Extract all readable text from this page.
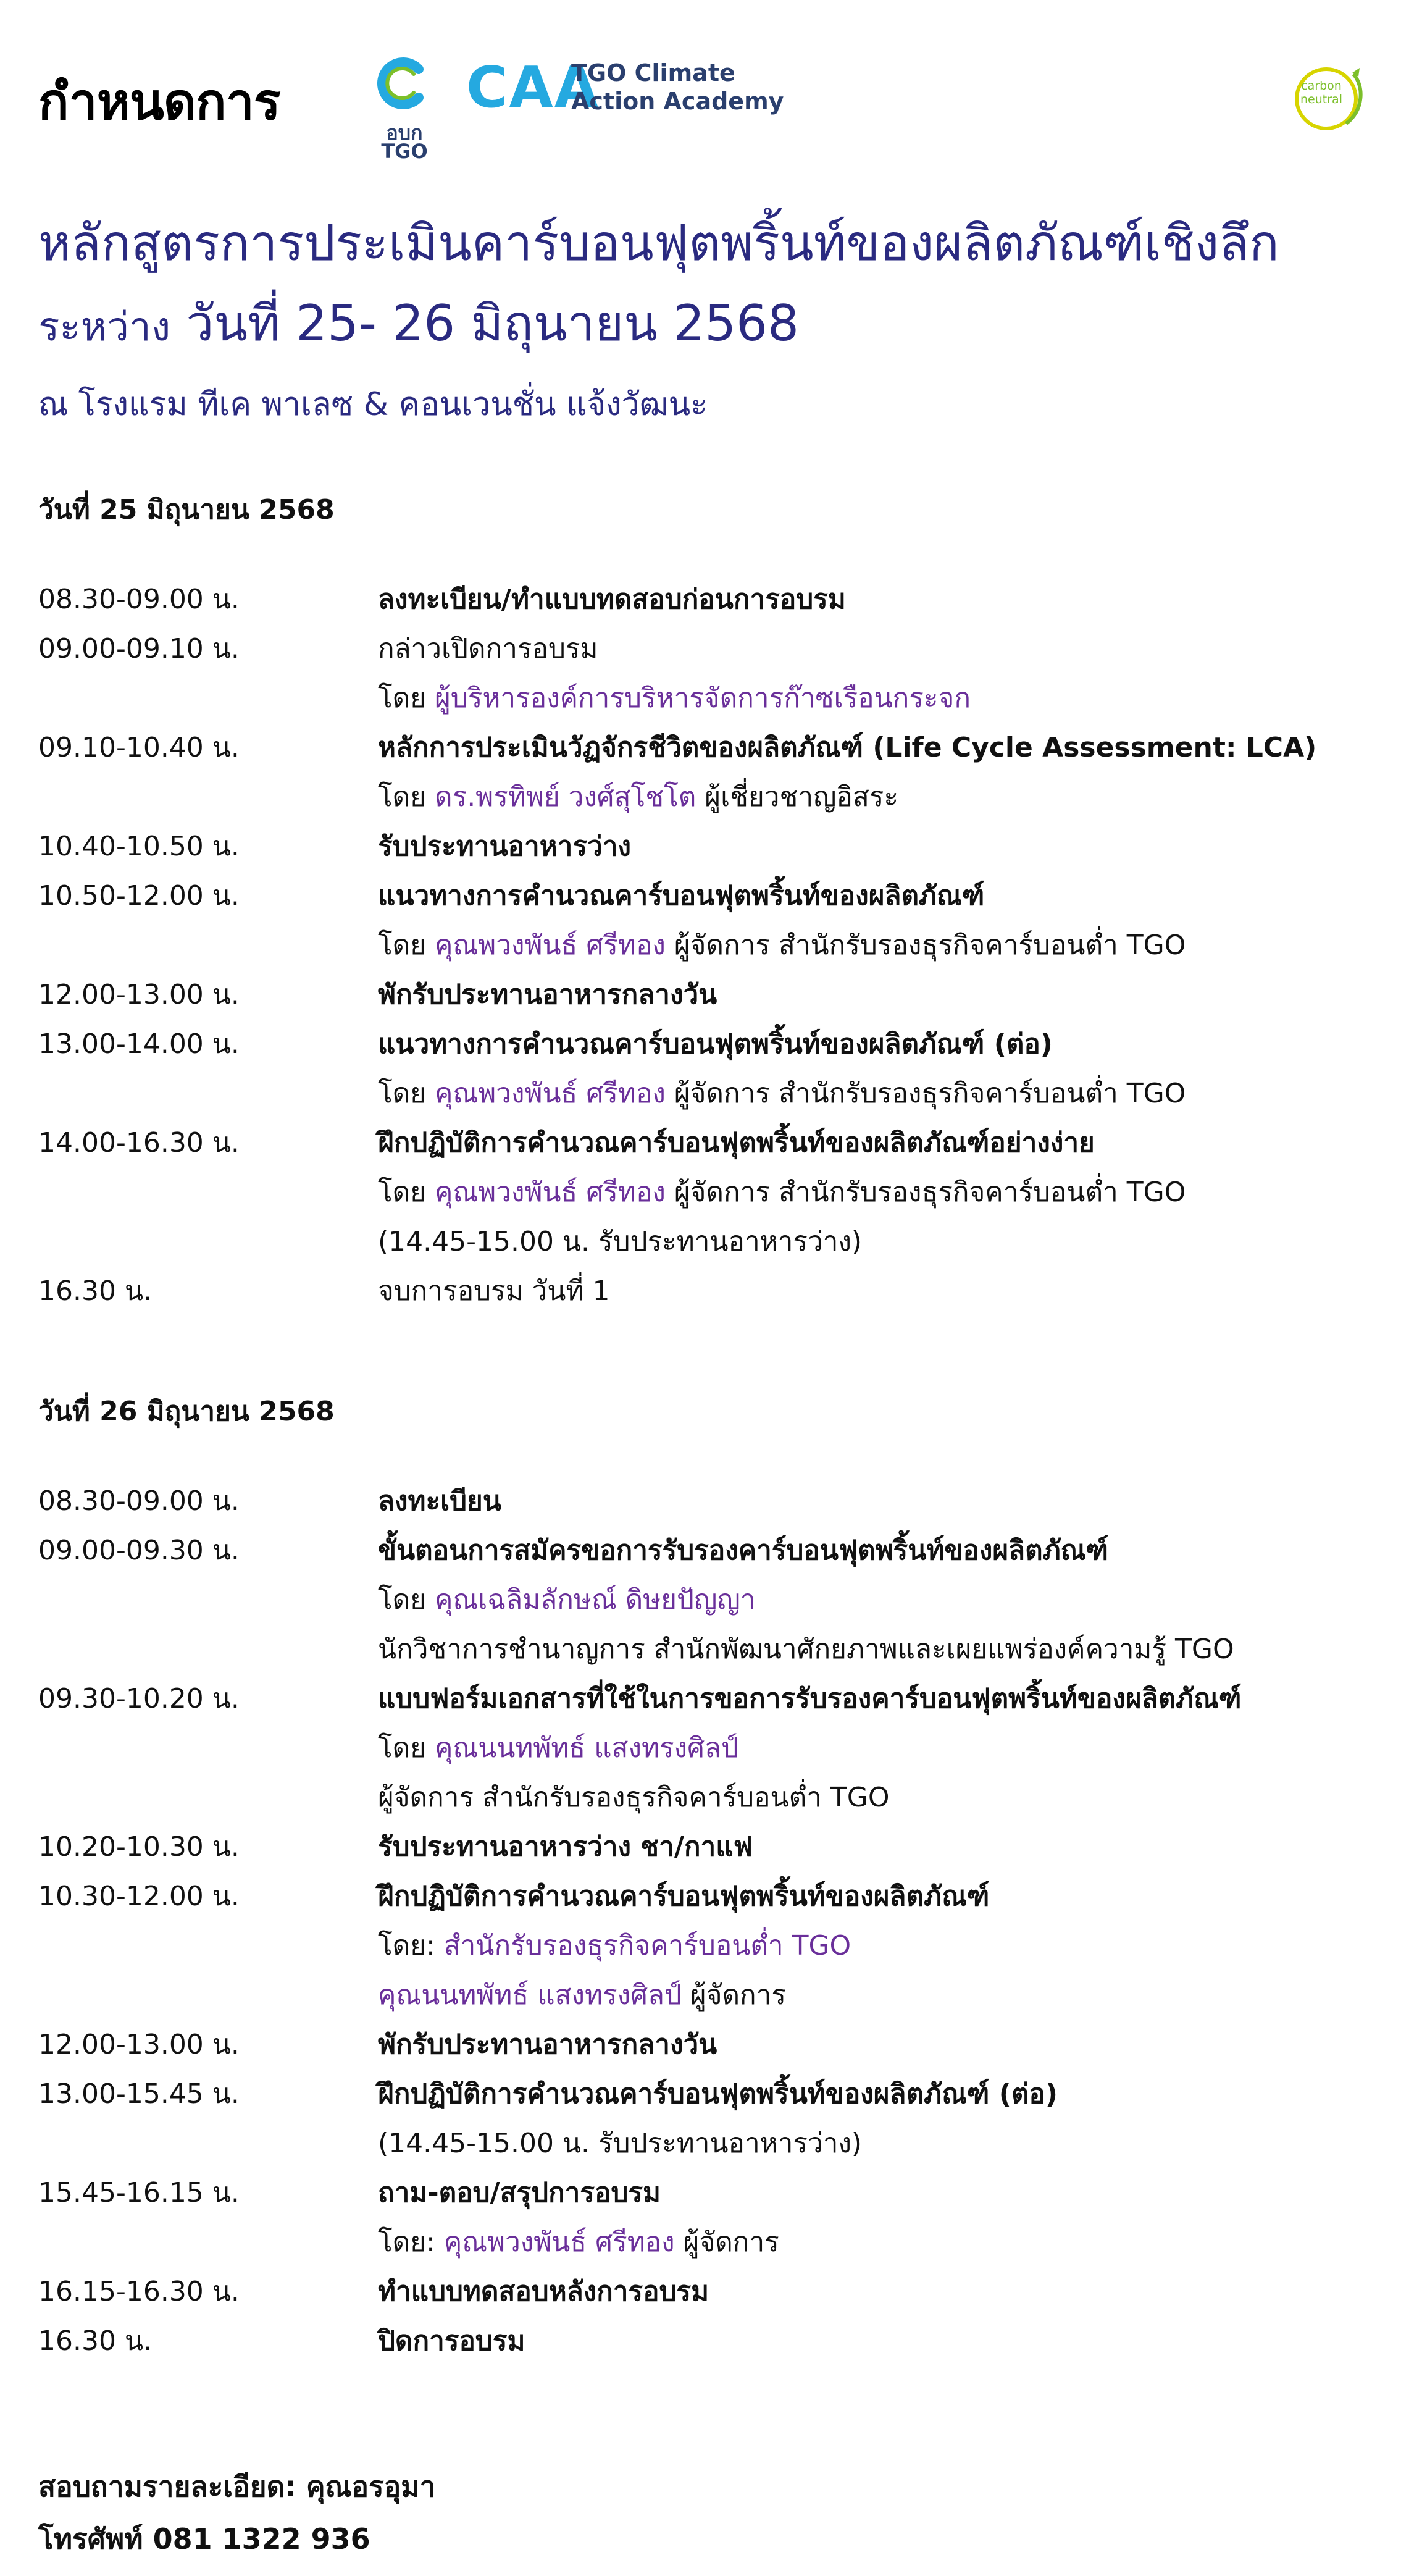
กำหนดการ
อบก TGO
CAA
TGO Climate
Action Academy
carbon neutral
หลักสูตรการประเมินคาร์บอนฟุตพริ้นท์ของผลิตภัณฑ์เชิงลึก
ระหว่าง วันที่ 25- 26 มิถุนายน 2568
ณ โรงแรม ทีเค พาเลซ & คอนเวนชั่น แจ้งวัฒนะ
วันที่ 25 มิถุนายน 2568
08.30-09.00 น.	ลงทะเบียน/ทำแบบทดสอบก่อนการอบรม
09.00-09.10 น.	กล่าวเปิดการอบรม
โดย ผู้บริหารองค์การบริหารจัดการก๊าซเรือนกระจก
09.10-10.40 น.	หลักการประเมินวัฏจักรชีวิตของผลิตภัณฑ์ (Life Cycle Assessment: LCA)
โดย ดร.พรทิพย์ วงศ์สุโชโต ผู้เชี่ยวชาญอิสระ
10.40-10.50 น.	รับประทานอาหารว่าง
10.50-12.00 น.	แนวทางการคำนวณคาร์บอนฟุตพริ้นท์ของผลิตภัณฑ์
โดย คุณพวงพันธ์ ศรีทอง ผู้จัดการ สำนักรับรองธุรกิจคาร์บอนต่ำ TGO
12.00-13.00 น.	พักรับประทานอาหารกลางวัน
13.00-14.00 น.	แนวทางการคำนวณคาร์บอนฟุตพริ้นท์ของผลิตภัณฑ์ (ต่อ)
โดย คุณพวงพันธ์ ศรีทอง ผู้จัดการ สำนักรับรองธุรกิจคาร์บอนต่ำ TGO
14.00-16.30 น.	ฝึกปฏิบัติการคำนวณคาร์บอนฟุตพริ้นท์ของผลิตภัณฑ์อย่างง่าย
โดย คุณพวงพันธ์ ศรีทอง ผู้จัดการ สำนักรับรองธุรกิจคาร์บอนต่ำ TGO
(14.45-15.00 น. รับประทานอาหารว่าง)
16.30 น.	จบการอบรม วันที่ 1
วันที่ 26 มิถุนายน 2568
08.30-09.00 น.	ลงทะเบียน
09.00-09.30 น.	ขั้นตอนการสมัครขอการรับรองคาร์บอนฟุตพริ้นท์ของผลิตภัณฑ์
โดย คุณเฉลิมลักษณ์ ดิษยปัญญา
นักวิชาการชำนาญการ สำนักพัฒนาศักยภาพและเผยแพร่องค์ความรู้ TGO
09.30-10.20 น.	แบบฟอร์มเอกสารที่ใช้ในการขอการรับรองคาร์บอนฟุตพริ้นท์ของผลิตภัณฑ์
โดย คุณนนทพัทธ์ แสงทรงศิลป์
ผู้จัดการ สำนักรับรองธุรกิจคาร์บอนต่ำ TGO
10.20-10.30 น.	รับประทานอาหารว่าง ชา/กาแฟ
10.30-12.00 น.	ฝึกปฏิบัติการคำนวณคาร์บอนฟุตพริ้นท์ของผลิตภัณฑ์
โดย: สำนักรับรองธุรกิจคาร์บอนต่ำ TGO
คุณนนทพัทธ์ แสงทรงศิลป์ ผู้จัดการ
12.00-13.00 น.	พักรับประทานอาหารกลางวัน
13.00-15.45 น.	ฝึกปฏิบัติการคำนวณคาร์บอนฟุตพริ้นท์ของผลิตภัณฑ์ (ต่อ)
(14.45-15.00 น. รับประทานอาหารว่าง)
15.45-16.15 น.	ถาม-ตอบ/สรุปการอบรม
โดย: คุณพวงพันธ์ ศรีทอง ผู้จัดการ
16.15-16.30 น.	ทำแบบทดสอบหลังการอบรม
16.30 น.	ปิดการอบรม
สอบถามรายละเอียด: คุณอรอุมา
โทรศัพท์ 081 1322 936
